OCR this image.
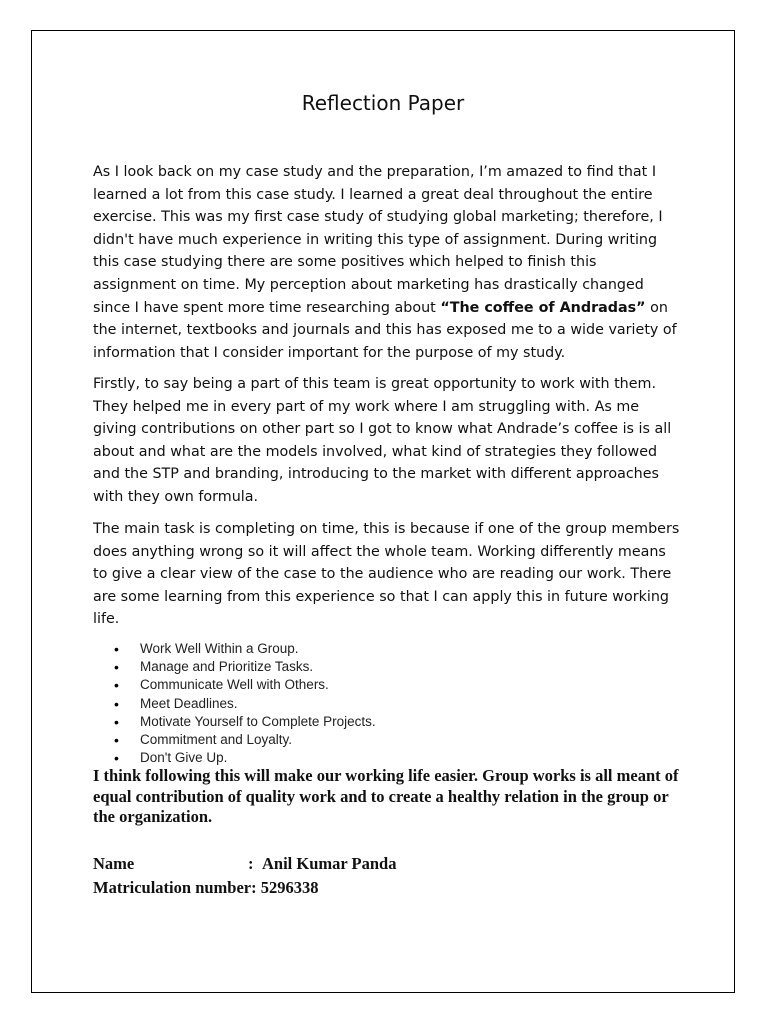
Reflection Paper
As I look back on my case study and the preparation, I’m amazed to find that I learned a lot from this case study. I learned a great deal throughout the entire exercise. This was my first case study of studying global marketing; therefore, I didn't have much experience in writing this type of assignment. During writing this case studying there are some positives which helped to finish this assignment on time. My perception about marketing has drastically changed since I have spent more time researching about “The coffee of Andradas” on the internet, textbooks and journals and this has exposed me to a wide variety of information that I consider important for the purpose of my study.
Firstly, to say being a part of this team is great opportunity to work with them. They helped me in every part of my work where I am struggling with. As me giving contributions on other part so I got to know what Andrade’s coffee is is all about and what are the models involved, what kind of strategies they followed and the STP and branding, introducing to the market with different approaches with they own formula.
The main task is completing on time, this is because if one of the group members does anything wrong so it will affect the whole team. Working differently means to give a clear view of the case to the audience who are reading our work. There are some learning from this experience so that I can apply this in future working life.
• Work Well Within a Group.
• Manage and Prioritize Tasks.
• Communicate Well with Others.
• Meet Deadlines.
• Motivate Yourself to Complete Projects.
• Commitment and Loyalty.
• Don't Give Up.
I think following this will make our working life easier. Group works is all meant of equal contribution of quality work and to create a healthy relation in the group or the organization.
Name	: Anil Kumar Panda
Matriculation number: 5296338
